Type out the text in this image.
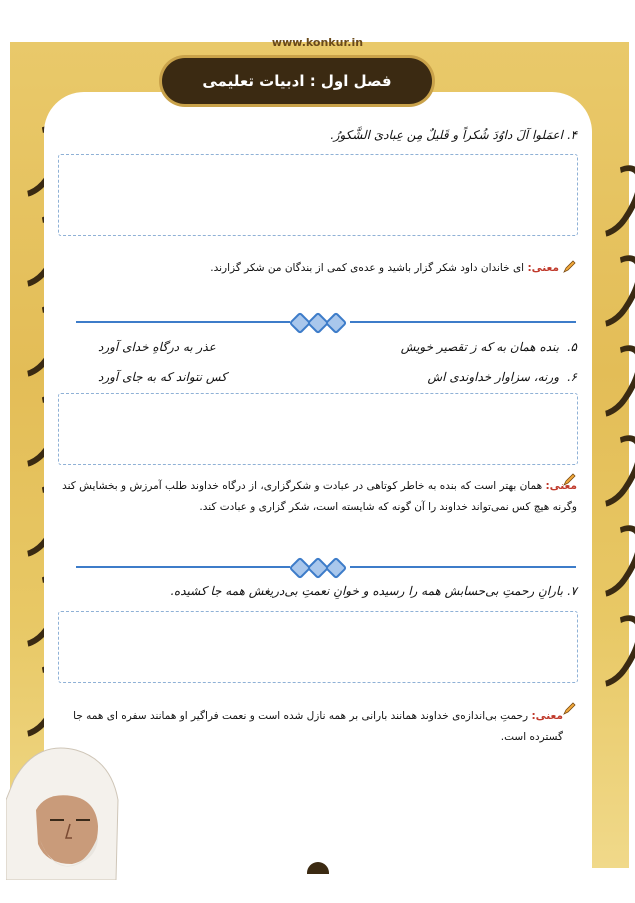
www.konkur.in
فصل اول : ادبیات تعلیمی
۴. اعمَلوا آلَ داوُدَ شُکراً و قَلیلٌ مِن عِبادیَ الشَّکورُ.
معنی: ای خاندان داود شکر گزار باشید و عده‌ی کمی از بندگان من شکر گزارند.
۵.
بنده همان به که ز تقصیر خویش
عذر به درگاهِ خدای آورد
۶.
ورنه، سزاوار خداوندی اش
کس نتواند که به جای آورد
معنی: همان بهتر است که بنده به خاطر کوتاهی در عبادت و شکرگزاری، از درگاه خداوند طلب آمرزش و بخشایش کند وگرنه هیچ کس نمی‌تواند خداوند را آن گونه که شایسته است، شکر گزاری و عبادت کند.
۷. بارانِ رحمتِ بی‌حسابش همه را رسیده و خوانِ نعمتِ بی‌دریغش همه جا کشیده.
معنی: رحمتِ بی‌اندازه‌ی خداوند همانند بارانی بر همه نازل شده است و نعمت فراگیر او همانند سفره ای همه جا گسترده است.
